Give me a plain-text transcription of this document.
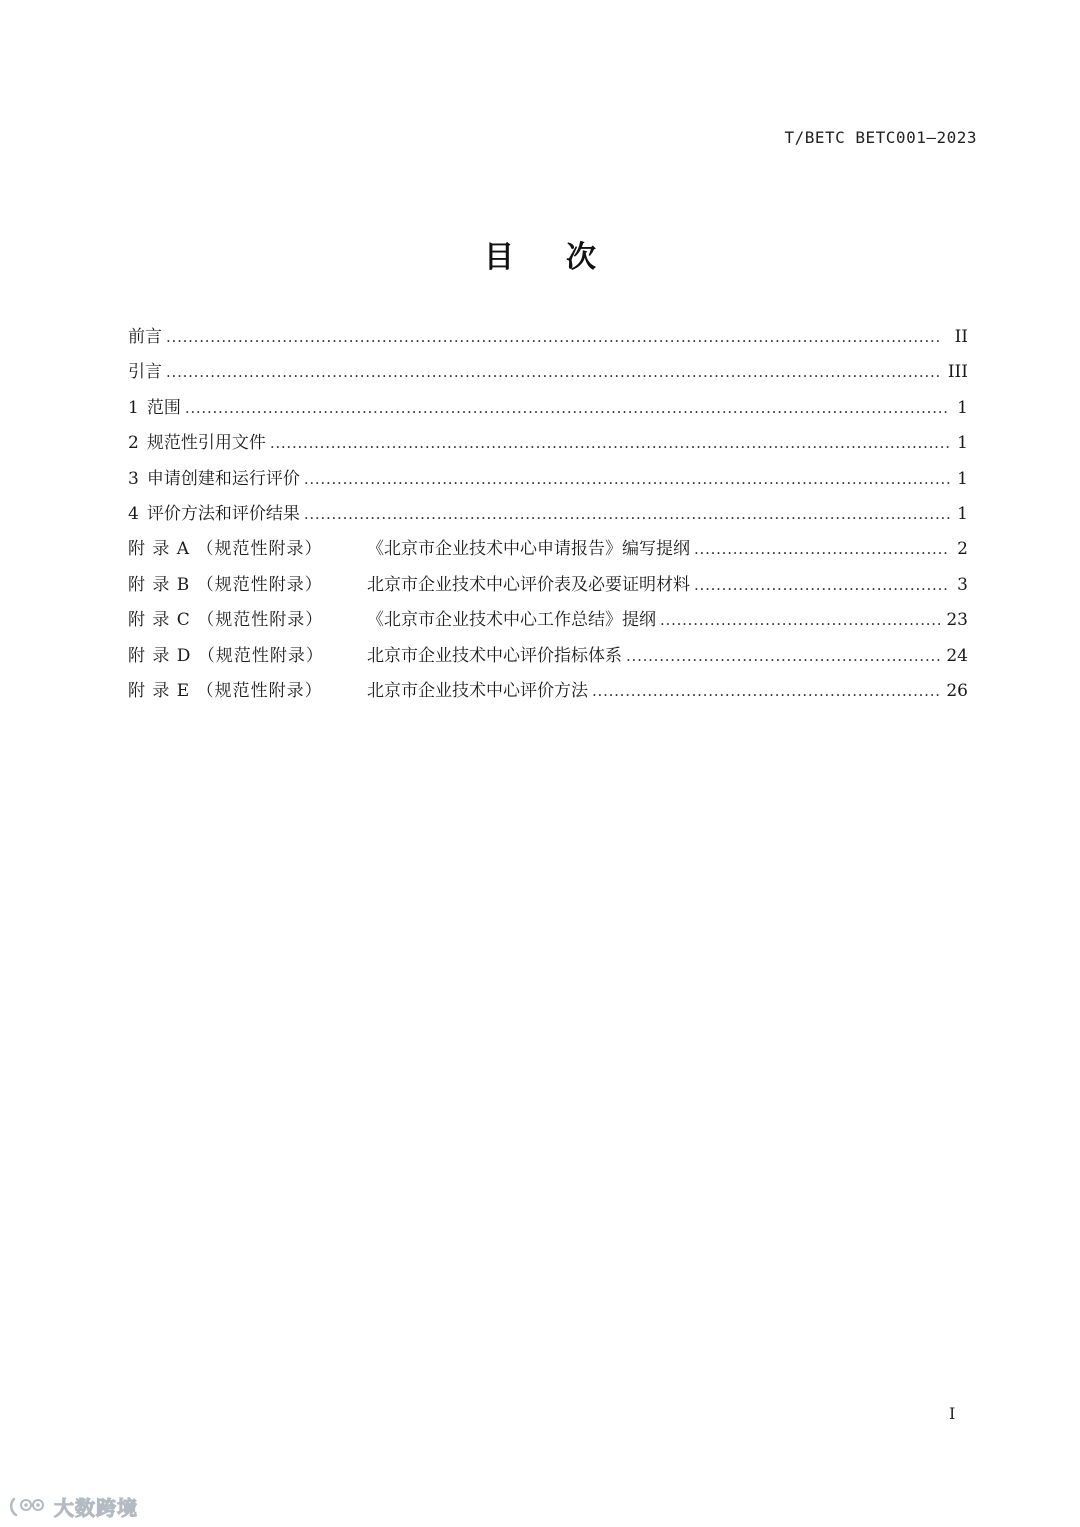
T/BETC BETC001—2023
目次
前言 . . .	II
引言 . . .	III
1 范围 . . .	1
2 规范性引用文件 . . .	1
3 申请创建和运行评价 . . .	1
4 评价方法和评价结果 . . .	1
附 录 A （规范性附录）	《北京市企业技术中心申请报告》编写提纲 . . .	2
附 录 B （规范性附录）	北京市企业技术中心评价表及必要证明材料 . . .	3
附 录 C （规范性附录）	《北京市企业技术中心工作总结》提纲 . . .	23
附 录 D （规范性附录）	北京市企业技术中心评价指标体系 . . .	24
附 录 E （规范性附录）	北京市企业技术中心评价方法 . . .	26
I
大数跨境
